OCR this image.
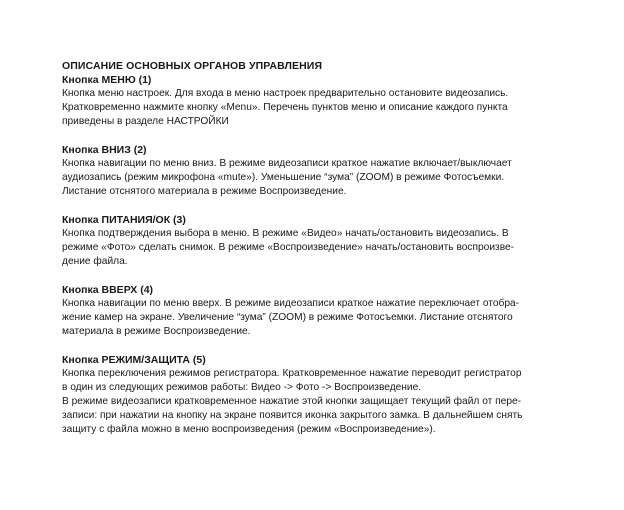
ОПИСАНИЕ ОСНОВНЫХ ОРГАНОВ УПРАВЛЕНИЯ

Кнопка МЕНЮ (1)

Кнопка меню настроек. Для входа в меню настроек предварительно остановите видеозапись.
Кратковременно нажмите кнопку «Menu». Перечень пунктов меню и описание каждого пункта
приведены в разделе НАСТРОЙКИ

Кнопка ВНИЗ (2)

Кнопка навигации по меню вниз. В режиме видеозаписи краткое нажатие включает/выключает
аудиозапись (режим микрофона «mute»). Уменьшение “зума” (ZOOM) в режиме Фотосъемки.
Листание отснятого материала в режиме Воспроизведение.

Кнопка ПИТАНИЯ/ОК (3)

Кнопка подтверждения выбора в меню. В режиме «Видео» начать/остановить видеозапись. В
режиме «Фото» сделать снимок. В режиме «Воспроизведение» начать/остановить воспроизве-
дение файла.

Кнопка ВВЕРХ (4)

Кнопка навигации по меню вверх. В режиме видеозаписи краткое нажатие переключает отобра-
жение камер на экране. Увеличение “зума” (ZOOM) в режиме Фотосъемки. Листание отснятого
материала в режиме Воспроизведение.

Кнопка РЕЖИМ/ЗАЩИТА (5)

Кнопка переключения режимов регистратора. Кратковременное нажатие переводит регистратор
в один из следующих режимов работы: Видео -> Фото -> Воспроизведение.
В режиме видеозаписи кратковременное нажатие этой кнопки защищает текущий файл от пере-
записи: при нажатии на кнопку на экране появится иконка закрытого замка. В дальнейшем снять
защиту с файла можно в меню воспроизведения (режим «Воспроизведение»).
